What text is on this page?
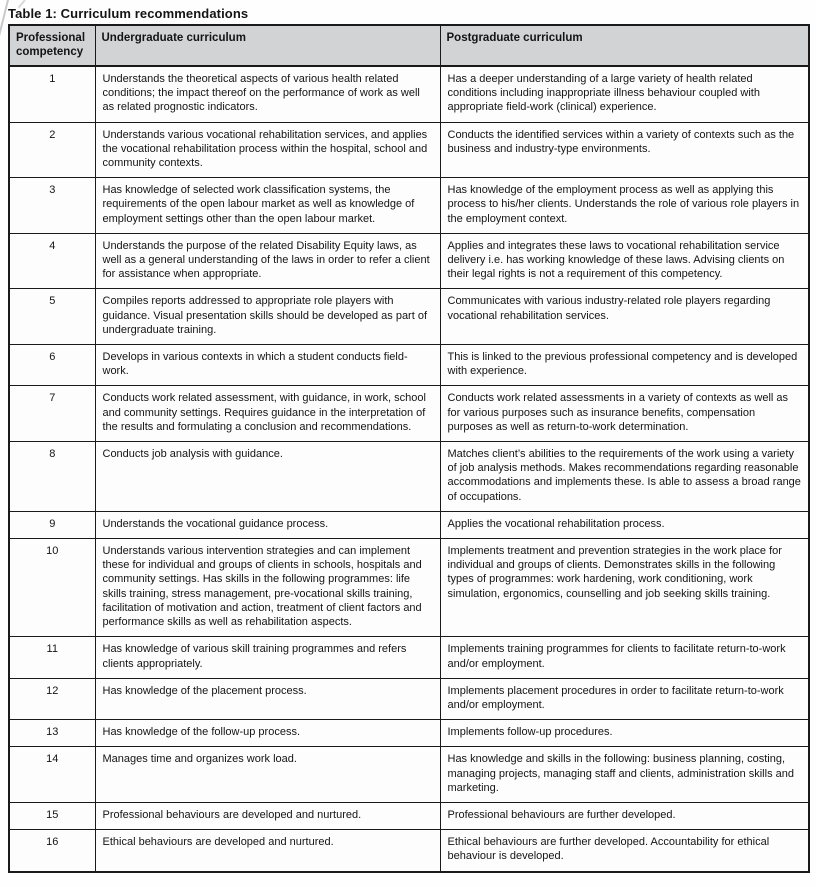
Table 1: Curriculum recommendations
Professional competency	Undergraduate curriculum	Postgraduate curriculum
1	Understands the theoretical aspects of various health related conditions; the impact thereof on the performance of work as well as related prognostic indicators.	Has a deeper understanding of a large variety of health related conditions including inappropriate illness behaviour coupled with appropriate field-work (clinical) experience.
2	Understands various vocational rehabilitation services, and applies the vocational rehabilitation process within the hospital, school and community contexts.	Conducts the identified services within a variety of contexts such as the business and industry-type environments.
3	Has knowledge of selected work classification systems, the requirements of the open labour market as well as knowledge of employment settings other than the open labour market.	Has knowledge of the employment process as well as applying this process to his/her clients. Understands the role of various role players in the employment context.
4	Understands the purpose of the related Disability Equity laws, as well as a general understanding of the laws in order to refer a client for assistance when appropriate.	Applies and integrates these laws to vocational rehabilitation service delivery i.e. has working knowledge of these laws. Advising clients on their legal rights is not a requirement of this competency.
5	Compiles reports addressed to appropriate role players with guidance. Visual presentation skills should be developed as part of undergraduate training.	Communicates with various industry-related role players regarding vocational rehabilitation services.
6	Develops in various contexts in which a student conducts field-work.	This is linked to the previous professional competency and is developed with experience.
7	Conducts work related assessment, with guidance, in work, school and community settings. Requires guidance in the interpretation of the results and formulating a conclusion and recommendations.	Conducts work related assessments in a variety of contexts as well as for various purposes such as insurance benefits, compensation purposes as well as return-to-work determination.
8	Conducts job analysis with guidance.	Matches client’s abilities to the requirements of the work using a variety of job analysis methods. Makes recommendations regarding reasonable accommodations and implements these. Is able to assess a broad range of occupations.
9	Understands the vocational guidance process.	Applies the vocational rehabilitation process.
10	Understands various intervention strategies and can implement these for individual and groups of clients in schools, hospitals and community settings. Has skills in the following programmes: life skills training, stress management, pre-vocational skills training, facilitation of motivation and action, treatment of client factors and performance skills as well as rehabilitation aspects.	Implements treatment and prevention strategies in the work place for individual and groups of clients. Demonstrates skills in the following types of programmes: work hardening, work conditioning, work simulation, ergonomics, counselling and job seeking skills training.
11	Has knowledge of various skill training programmes and refers clients appropriately.	Implements training programmes for clients to facilitate return-to-work and/or employment.
12	Has knowledge of the placement process.	Implements placement procedures in order to facilitate return-to-work and/or employment.
13	Has knowledge of the follow-up process.	Implements follow-up procedures.
14	Manages time and organizes work load.	Has knowledge and skills in the following: business planning, costing, managing projects, managing staff and clients, administration skills and marketing.
15	Professional behaviours are developed and nurtured.	Professional behaviours are further developed.
16	Ethical behaviours are developed and nurtured.	Ethical behaviours are further developed. Accountability for ethical behaviour is developed.
